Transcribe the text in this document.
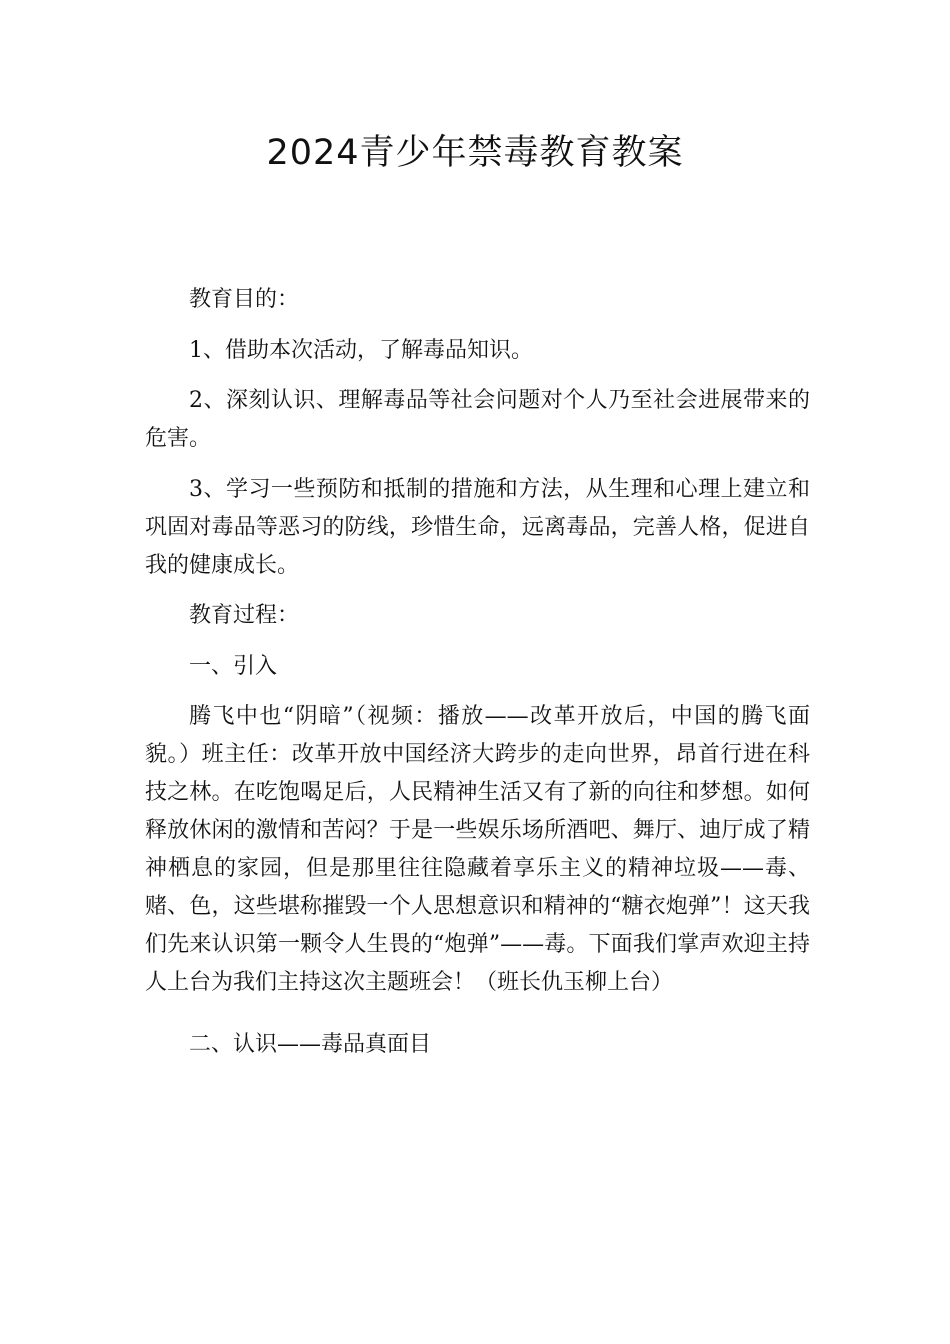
2024青少年禁毒教育教案

教育目的：

1、借助本次活动，了解毒品知识。

2、深刻认识、理解毒品等社会问题对个人乃至社会进展带来的危害。

3、学习一些预防和抵制的措施和方法，从生理和心理上建立和巩固对毒品等恶习的防线，珍惜生命，远离毒品，完善人格，促进自我的健康成长。

教育过程：

一、引入

腾飞中也“阴暗”（视频：播放——改革开放后，中国的腾飞面貌。）班主任：改革开放中国经济大跨步的走向世界，昂首行进在科技之林。在吃饱喝足后，人民精神生活又有了新的向往和梦想。如何释放休闲的激情和苦闷？于是一些娱乐场所酒吧、舞厅、迪厅成了精神栖息的家园，但是那里往往隐藏着享乐主义的精神垃圾——毒、赌、色，这些堪称摧毁一个人思想意识和精神的“糖衣炮弹”！这天我们先来认识第一颗令人生畏的“炮弹”——毒。下面我们掌声欢迎主持人上台为我们主持这次主题班会！（班长仇玉柳上台）

二、认识——毒品真面目
